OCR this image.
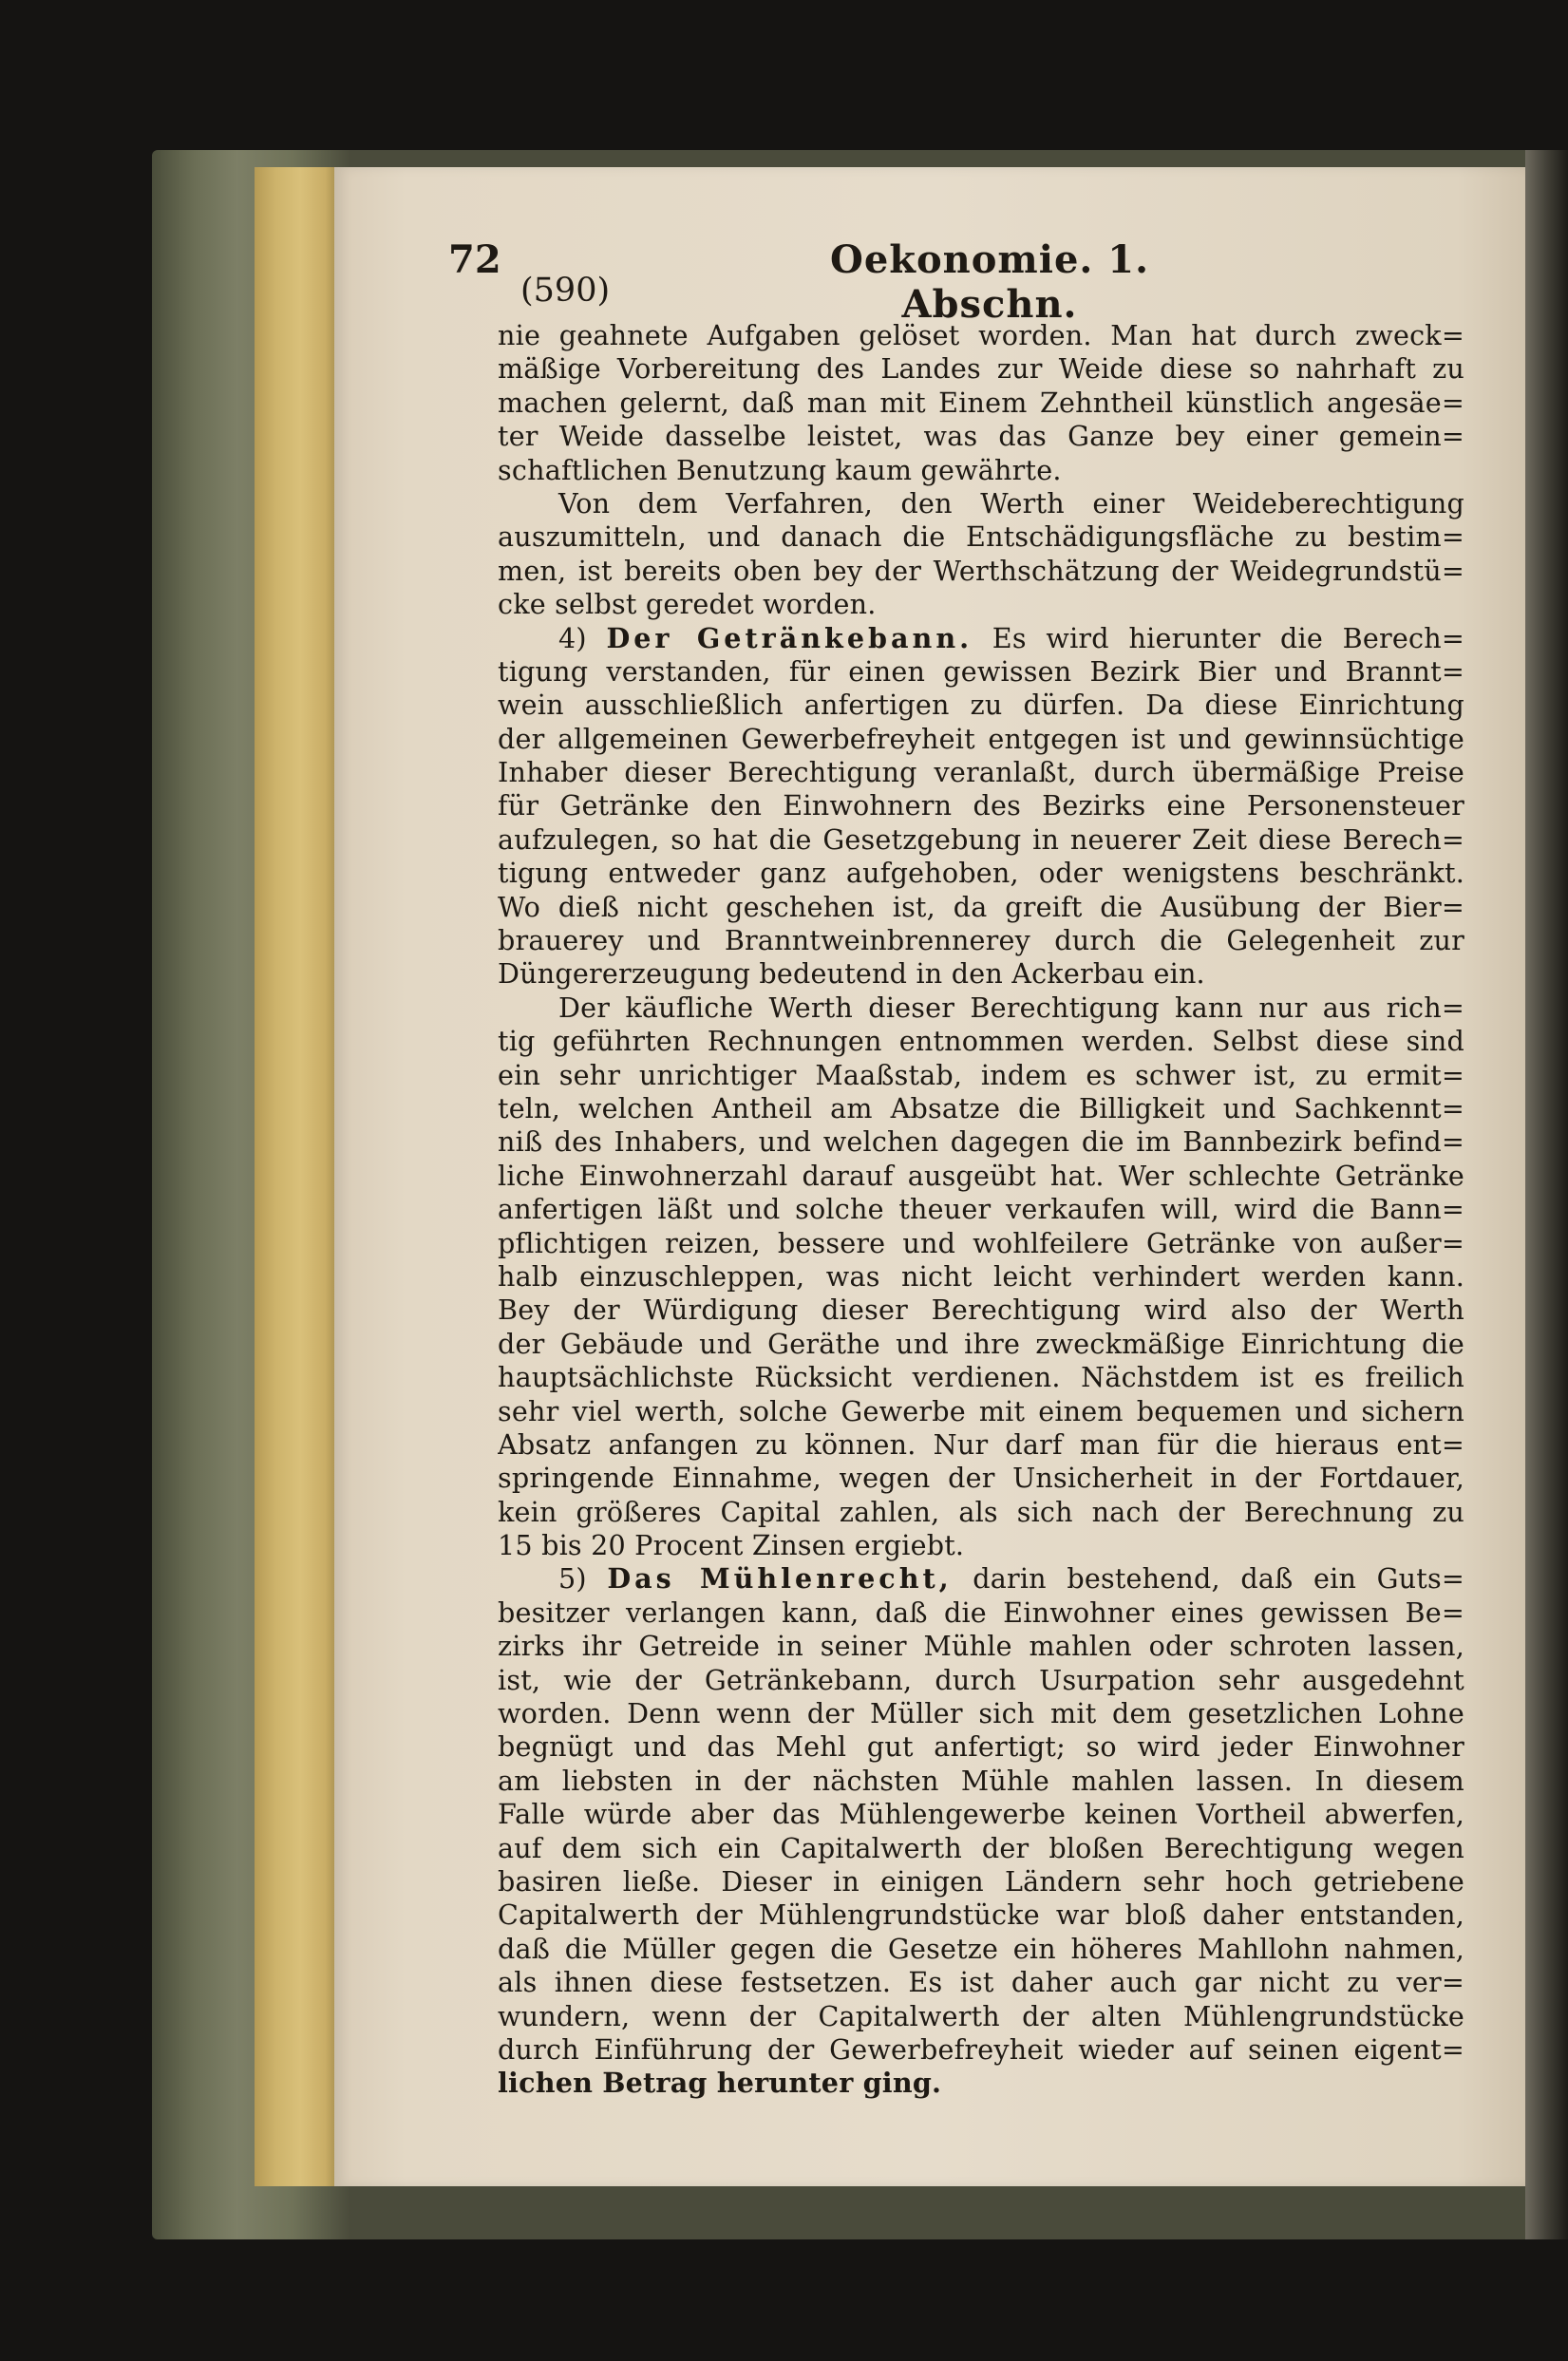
72	Oekonomie. 1. Abschn.
(590)
nie geahnete Aufgaben gelöset worden. Man hat durch zweck=
mäßige Vorbereitung des Landes zur Weide diese so nahrhaft zu
machen gelernt, daß man mit Einem Zehntheil künstlich angesäe=
ter Weide dasselbe leistet, was das Ganze bey einer gemein=
schaftlichen Benutzung kaum gewährte.
Von dem Verfahren, den Werth einer Weideberechtigung
auszumitteln, und danach die Entschädigungsfläche zu bestim=
men, ist bereits oben bey der Werthschätzung der Weidegrundstü=
cke selbst geredet worden.
4) Der Getränkebann. Es wird hierunter die Berech=
tigung verstanden, für einen gewissen Bezirk Bier und Brannt=
wein ausschließlich anfertigen zu dürfen. Da diese Einrichtung
der allgemeinen Gewerbefreyheit entgegen ist und gewinnsüchtige
Inhaber dieser Berechtigung veranlaßt, durch übermäßige Preise
für Getränke den Einwohnern des Bezirks eine Personensteuer
aufzulegen, so hat die Gesetzgebung in neuerer Zeit diese Berech=
tigung entweder ganz aufgehoben, oder wenigstens beschränkt.
Wo dieß nicht geschehen ist, da greift die Ausübung der Bier=
brauerey und Branntweinbrennerey durch die Gelegenheit zur
Düngererzeugung bedeutend in den Ackerbau ein.
Der käufliche Werth dieser Berechtigung kann nur aus rich=
tig geführten Rechnungen entnommen werden. Selbst diese sind
ein sehr unrichtiger Maaßstab, indem es schwer ist, zu ermit=
teln, welchen Antheil am Absatze die Billigkeit und Sachkennt=
niß des Inhabers, und welchen dagegen die im Bannbezirk befind=
liche Einwohnerzahl darauf ausgeübt hat. Wer schlechte Getränke
anfertigen läßt und solche theuer verkaufen will, wird die Bann=
pflichtigen reizen, bessere und wohlfeilere Getränke von außer=
halb einzuschleppen, was nicht leicht verhindert werden kann.
Bey der Würdigung dieser Berechtigung wird also der Werth
der Gebäude und Geräthe und ihre zweckmäßige Einrichtung die
hauptsächlichste Rücksicht verdienen. Nächstdem ist es freilich
sehr viel werth, solche Gewerbe mit einem bequemen und sichern
Absatz anfangen zu können. Nur darf man für die hieraus ent=
springende Einnahme, wegen der Unsicherheit in der Fortdauer,
kein größeres Capital zahlen, als sich nach der Berechnung zu
15 bis 20 Procent Zinsen ergiebt.
5) Das Mühlenrecht, darin bestehend, daß ein Guts=
besitzer verlangen kann, daß die Einwohner eines gewissen Be=
zirks ihr Getreide in seiner Mühle mahlen oder schroten lassen,
ist, wie der Getränkebann, durch Usurpation sehr ausgedehnt
worden. Denn wenn der Müller sich mit dem gesetzlichen Lohne
begnügt und das Mehl gut anfertigt; so wird jeder Einwohner
am liebsten in der nächsten Mühle mahlen lassen. In diesem
Falle würde aber das Mühlengewerbe keinen Vortheil abwerfen,
auf dem sich ein Capitalwerth der bloßen Berechtigung wegen
basiren ließe. Dieser in einigen Ländern sehr hoch getriebene
Capitalwerth der Mühlengrundstücke war bloß daher entstanden,
daß die Müller gegen die Gesetze ein höheres Mahllohn nahmen,
als ihnen diese festsetzen. Es ist daher auch gar nicht zu ver=
wundern, wenn der Capitalwerth der alten Mühlengrundstücke
durch Einführung der Gewerbefreyheit wieder auf seinen eigent=
lichen Betrag herunter ging.
